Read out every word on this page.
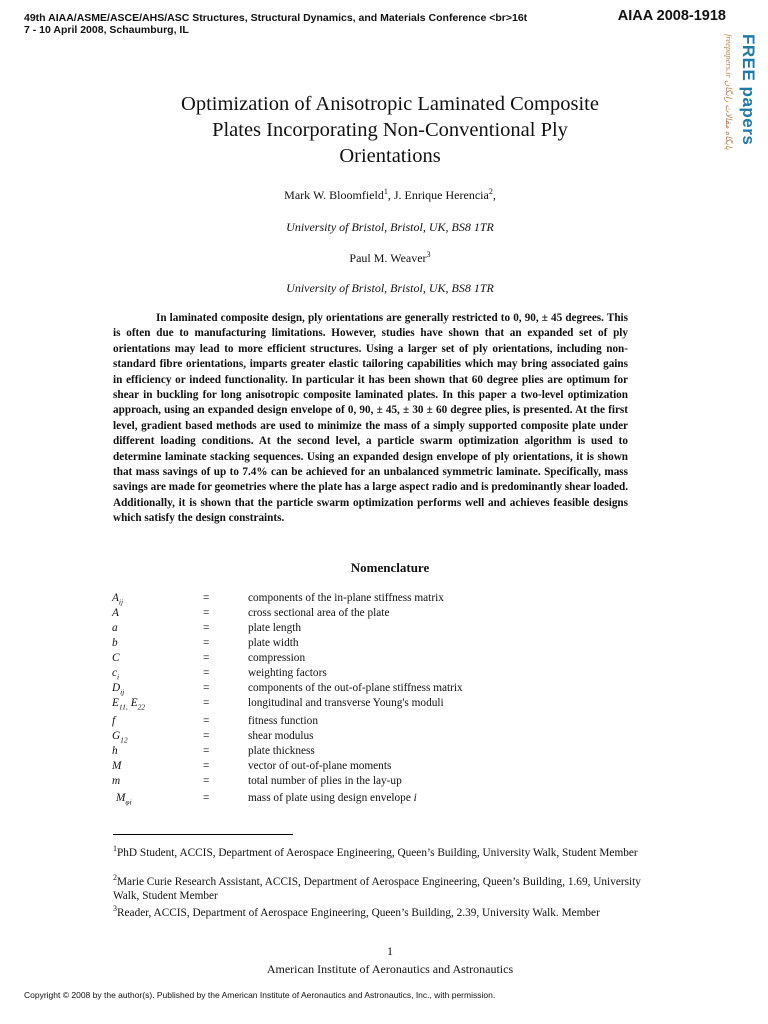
49th AIAA/ASME/ASCE/AHS/ASC Structures, Structural Dynamics, and Materials Conference <br>16t
7 - 10 April 2008, Schaumburg, IL
AIAA 2008-1918
FREE papers
freepapers.ir پایگاه مقالات رایگان
Optimization of Anisotropic Laminated Composite
Plates Incorporating Non-Conventional Ply
Orientations
Mark W. Bloomfield$^1$, J. Enrique Herencia$^2$,
University of Bristol, Bristol, UK, BS8 1TR
Paul M. Weaver$^3$
University of Bristol, Bristol, UK, BS8 1TR
In laminated composite design, ply orientations are generally restricted to 0, 90, ± 45 degrees. This is often due to manufacturing limitations. However, studies have shown that an expanded set of ply orientations may lead to more efficient structures. Using a larger set of ply orientations, including non-standard fibre orientations, imparts greater elastic tailoring capabilities which may bring associated gains in efficiency or indeed functionality. In particular it has been shown that 60 degree plies are optimum for shear in buckling for long anisotropic composite laminated plates. In this paper a two-level optimization approach, using an expanded design envelope of 0, 90, ± 45, ± 30 ± 60 degree plies, is presented. At the first level, gradient based methods are used to minimize the mass of a simply supported composite plate under different loading conditions. At the second level, a particle swarm optimization algorithm is used to determine laminate stacking sequences. Using an expanded design envelope of ply orientations, it is shown that mass savings of up to 7.4% can be achieved for an unbalanced symmetric laminate. Specifically, mass savings are made for geometries where the plate has a large aspect radio and is predominantly shear loaded. Additionally, it is shown that the particle swarm optimization performs well and achieves feasible designs which satisfy the design constraints.
Nomenclature
$A_{ij}$	=	components of the in-plane stiffness matrix
A	=	cross sectional area of the plate
a	=	plate length
b	=	plate width
C	=	compression
$c_i$	=	weighting factors
$D_{ij}$	=	components of the out-of-plane stiffness matrix
$E_{11,}$ $E_{22}$	=	longitudinal and transverse Young's moduli
f	=	fitness function
$G_{12}$	=	shear modulus
h	=	plate thickness
M	=	vector of out-of-plane moments
m	=	total number of plies in the lay-up
$M_{\varphi i}$	=	mass of plate using design envelope i
$^1$PhD Student, ACCIS, Department of Aerospace Engineering, Queen’s Building, University Walk, Student Member
$^2$Marie Curie Research Assistant, ACCIS, Department of Aerospace Engineering, Queen’s Building, 1.69, University Walk, Student Member
$^3$Reader, ACCIS, Department of Aerospace Engineering, Queen’s Building, 2.39, University Walk. Member
1
American Institute of Aeronautics and Astronautics
Copyright © 2008 by the author(s). Published by the American Institute of Aeronautics and Astronautics, Inc., with permission.
